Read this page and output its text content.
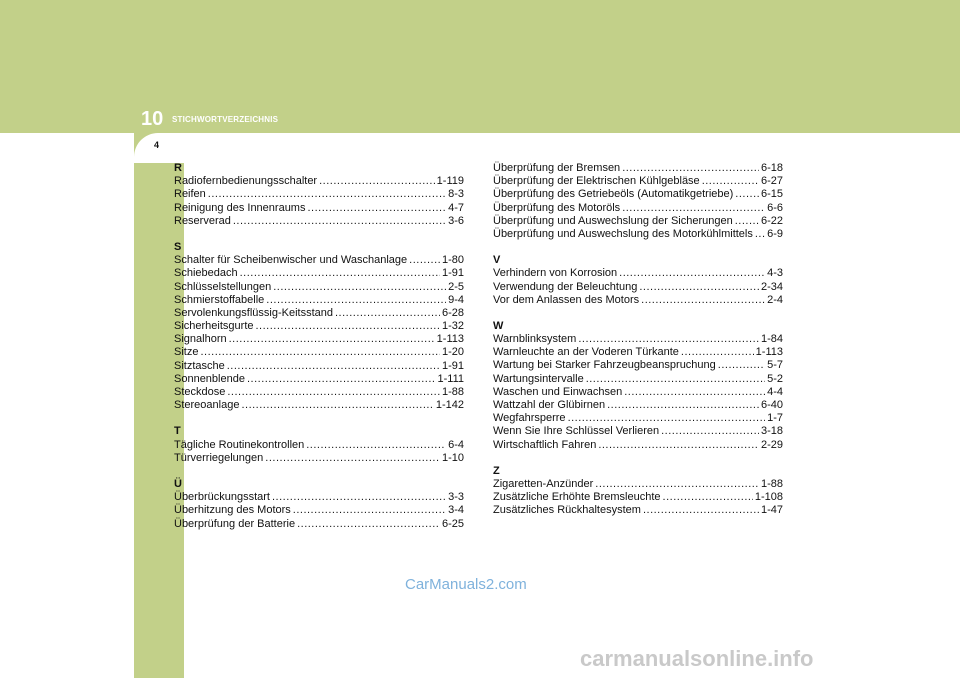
10 STICHWORTVERZEICHNIS
4
R
Radiofernbedienungsschalter .....	1-119
Reifen .....	8-3
Reinigung des Innenraums .....	4-7
Reserverad .....	3-6
S
Schalter für Scheibenwischer und Waschanlage .....	1-80
Schiebedach .....	1-91
Schlüsselstellungen .....	2-5
Schmierstoffabelle .....	9-4
Servolenkungsflüssig-Keitsstand .....	6-28
Sicherheitsgurte .....	1-32
Signalhorn .....	1-113
Sitze .....	1-20
Sitztasche .....	1-91
Sonnenblende .....	1-111
Steckdose .....	1-88
Stereoanlage .....	1-142
T
Tägliche Routinekontrollen .....	6-4
Türverriegelungen .....	1-10
Ü
Überbrückungsstart .....	3-3
Überhitzung des Motors .....	3-4
Überprüfung der Batterie .....	6-25
Überprüfung der Bremsen .....	6-18
Überprüfung der Elektrischen Kühlgebläse .....	6-27
Überprüfung des Getriebeöls (Automatikgetriebe) .....	6-15
Überprüfung des Motoröls .....	6-6
Überprüfung und Auswechslung der Sicherungen .....	6-22
Überprüfung und Auswechslung des Motorkühlmittels ..... 6-9
V
Verhindern von Korrosion .....	4-3
Verwendung der Beleuchtung .....	2-34
Vor dem Anlassen des Motors .....	2-4
W
Warnblinksystem .....	1-84
Warnleuchte an der Voderen Türkante .....	1-113
Wartung bei Starker Fahrzeugbeanspruchung .....	5-7
Wartungsintervalle .....	5-2
Waschen und Einwachsen .....	4-4
Wattzahl der Glübirnen .....	6-40
Wegfahrsperre .....	1-7
Wenn Sie Ihre Schlüssel Verlieren .....	3-18
Wirtschaftlich Fahren .....	2-29
Z
Zigaretten-Anzünder .....	1-88
Zusätzliche Erhöhte Bremsleuchte .....	1-108
Zusätzliches Rückhaltesystem .....	1-47
CarManuals2.com
carmanualsonline.info
